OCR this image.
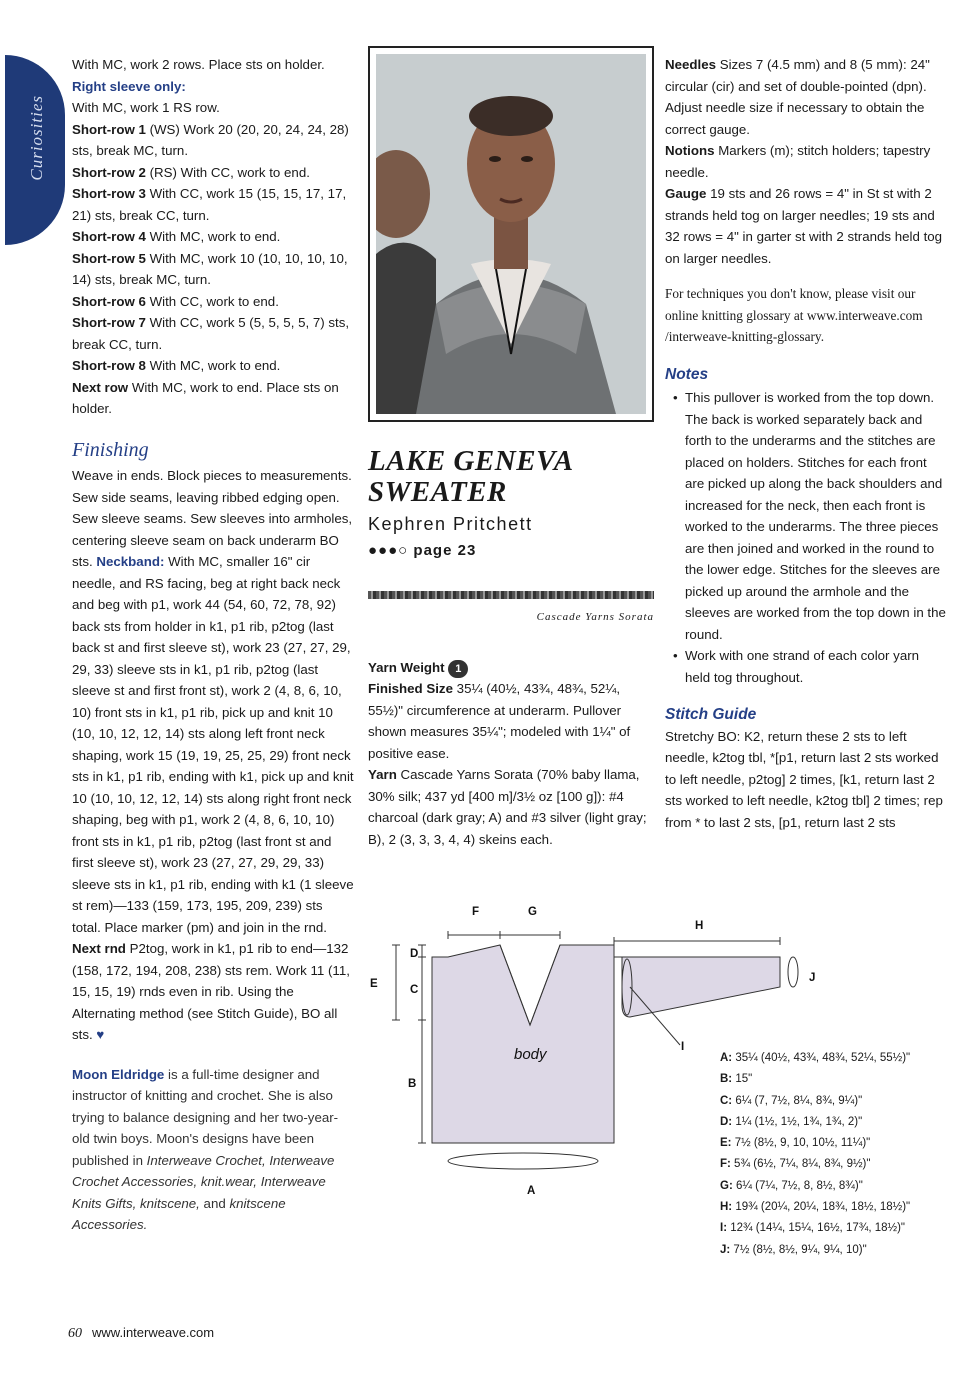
Curiosities

With MC, work 2 rows. Place sts on holder.

Right sleeve only:

With MC, work 1 RS row.

Short-row 1 (WS) Work 20 (20, 20, 24, 24, 28) sts, break MC, turn.

Short-row 2 (RS) With CC, work to end.

Short-row 3 With CC, work 15 (15, 15, 17, 17, 21) sts, break CC, turn.

Short-row 4 With MC, work to end.

Short-row 5 With MC, work 10 (10, 10, 10, 10, 14) sts, break MC, turn.

Short-row 6 With CC, work to end.

Short-row 7 With CC, work 5 (5, 5, 5, 5, 7) sts, break CC, turn.

Short-row 8 With MC, work to end.

Next row With MC, work to end. Place sts on holder.

Finishing

Weave in ends. Block pieces to measurements. Sew side seams, leaving ribbed edging open. Sew sleeve seams. Sew sleeves into armholes, centering sleeve seam on back underarm BO sts. Neckband: With MC, smaller 16" cir needle, and RS facing, beg at right back neck and beg with p1, work 44 (54, 60, 72, 78, 92) back sts from holder in k1, p1 rib, p2tog (last back st and first sleeve st), work 23 (27, 27, 29, 29, 33) sleeve sts in k1, p1 rib, p2tog (last sleeve st and first front st), work 2 (4, 8, 6, 10, 10) front sts in k1, p1 rib, pick up and knit 10 (10, 10, 12, 12, 14) sts along left front neck shaping, work 15 (19, 19, 25, 25, 29) front neck sts in k1, p1 rib, ending with k1, pick up and knit 10 (10, 10, 12, 12, 14) sts along right front neck shaping, beg with p1, work 2 (4, 8, 6, 10, 10) front sts in k1, p1 rib, p2tog (last front st and first sleeve st), work 23 (27, 27, 29, 29, 33) sleeve sts in k1, p1 rib, ending with k1 (1 sleeve st rem)—133 (159, 173, 195, 209, 239) sts total. Place marker (pm) and join in the rnd.

Next rnd P2tog, work in k1, p1 rib to end—132 (158, 172, 194, 208, 238) sts rem. Work 11 (11, 15, 15, 19) rnds even in rib. Using the Alternating method (see Stitch Guide), BO all sts. ♥

Moon Eldridge is a full-time designer and instructor of knitting and crochet. She is also trying to balance designing and her two-year-old twin boys. Moon's designs have been published in Interweave Crochet, Interweave Crochet Accessories, knit.wear, Interweave Knits Gifts, knitscene, and knitscene Accessories.

LAKE GENEVA

SWEATER

Kephren Pritchett

●●●○ page 23

Cascade Yarns Sorata

Yarn Weight 1

Finished Size 35¼ (40½, 43¾, 48¾, 52¼, 55½)" circumference at underarm. Pullover shown measures 35¼"; modeled with 1¼" of positive ease.

Yarn Cascade Yarns Sorata (70% baby llama, 30% silk; 437 yd [400 m]/3½ oz [100 g]): #4 charcoal (dark gray; A) and #3 silver (light gray; B), 2 (3, 3, 3, 4, 4) skeins each.

Needles Sizes 7 (4.5 mm) and 8 (5 mm): 24" circular (cir) and set of double-pointed (dpn). Adjust needle size if necessary to obtain the correct gauge.

Notions Markers (m); stitch holders; tapestry needle.

Gauge 19 sts and 26 rows = 4" in St st with 2 strands held tog on larger needles; 19 sts and 32 rows = 4" in garter st with 2 strands held tog on larger needles.

For techniques you don't know, please visit our online knitting glossary at www.interweave.com /interweave-knitting-glossary.

Notes

• This pullover is worked from the top down. The back is worked separately back and forth to the underarms and the stitches are placed on holders. Stitches for each front are picked up along the back shoulders and increased for the neck, then each front is worked to the underarms. The three pieces are then joined and worked in the round to the lower edge. Stitches for the sleeves are picked up around the armhole and the sleeves are worked from the top down in the round.
• Work with one strand of each color yarn held tog throughout.

Stitch Guide

Stretchy BO: K2, return these 2 sts to left needle, k2tog tbl, *[p1, return last 2 sts worked to left needle, p2tog] 2 times, [k1, return last 2 sts worked to left needle, k2tog tbl] 2 times; rep from * to last 2 sts, [p1, return last 2 sts

F	G
H
D
E	C
B
A
J
I
body	A: 35¼ (40½, 43¾, 48¾, 52¼, 55½)"
B: 15"
C: 6¼ (7, 7½, 8¼, 8¾, 9¼)"
D: 1¼ (1½, 1½, 1¾, 1¾, 2)"
E: 7½ (8½, 9, 10, 10½, 11¼)"
F: 5¾ (6½, 7¼, 8¼, 8¾, 9½)"
G: 6¼ (7¼, 7½, 8, 8½, 8¾)"
H: 19¾ (20¼, 20¼, 18¾, 18½, 18½)"
I: 12¾ (14¼, 15¼, 16½, 17¾, 18½)"
J: 7½ (8½, 8½, 9¼, 9¼, 10)"
60 www.interweave.com
